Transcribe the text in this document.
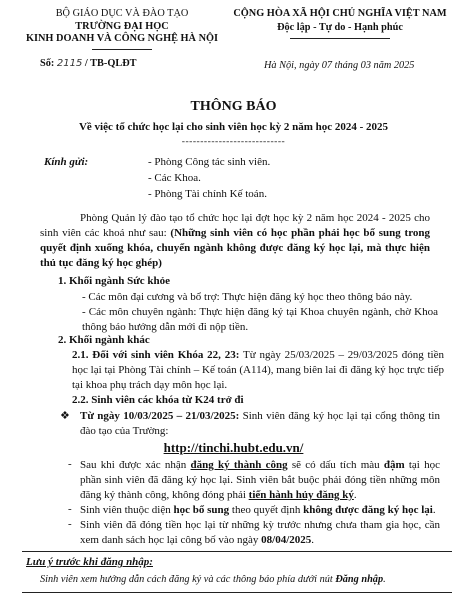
BỘ GIÁO DỤC VÀ ĐÀO TẠO
TRƯỜNG ĐẠI HỌC
KINH DOANH VÀ CÔNG NGHỆ HÀ NỘI
CỘNG HÒA XÃ HỘI CHỦ NGHĨA VIỆT NAM
Độc lập - Tự do - Hạnh phúc
Số: 2115 / TB-QLĐT	Hà Nội, ngày 07 tháng 03 năm 2025
THÔNG BÁO
Về việc tổ chức học lại cho sinh viên học kỳ 2 năm học 2024 - 2025
----------------------------
Kính gửi:	- Phòng Công tác sinh viên.
- Các Khoa.
- Phòng Tài chính Kế toán.
Phòng Quản lý đào tạo tổ chức học lại đợt học kỳ 2 năm học 2024 - 2025 cho sinh viên các khoá như sau: (Những sinh viên có học phần phải học bổ sung trong quyết định xuống khóa, chuyển ngành không được đăng ký học lại, mà thực hiện thủ tục đăng ký học ghép)
1. Khối ngành Sức khỏe
- Các môn đại cương và bổ trợ: Thực hiện đăng ký học theo thông báo này.
- Các môn chuyên ngành: Thực hiện đăng ký tại Khoa chuyên ngành, chờ Khoa thông báo hướng dẫn mới đi nộp tiền.
2. Khối ngành khác
2.1. Đối với sinh viên Khóa 22, 23: Từ ngày 25/03/2025 – 29/03/2025 đóng tiền học lại tại Phòng Tài chính – Kế toán (A114), mang biên lai đi đăng ký học trực tiếp tại khoa phụ trách dạy môn học lại.
2.2. Sinh viên các khóa từ K24 trở đi
❖ Từ ngày 10/03/2025 – 21/03/2025: Sinh viên đăng ký học lại tại cổng thông tin đào tạo của Trường:
http://tinchi.hubt.edu.vn/
- Sau khi được xác nhận đăng ký thành công sẽ có dấu tích màu đậm tại học phần sinh viên đã đăng ký học lại. Sinh viên bắt buộc phải đóng tiền những môn đăng ký thành công, không đóng phải tiến hành hủy đăng ký.
- Sinh viên thuộc diện học bổ sung theo quyết định không được đăng ký học lại.
- Sinh viên đã đóng tiền học lại từ những kỳ trước nhưng chưa tham gia học, cần xem danh sách học lại công bố vào ngày 08/04/2025.
Lưu ý trước khi đăng nhập:
Sinh viên xem hướng dẫn cách đăng ký và các thông báo phía dưới nút Đăng nhập.
